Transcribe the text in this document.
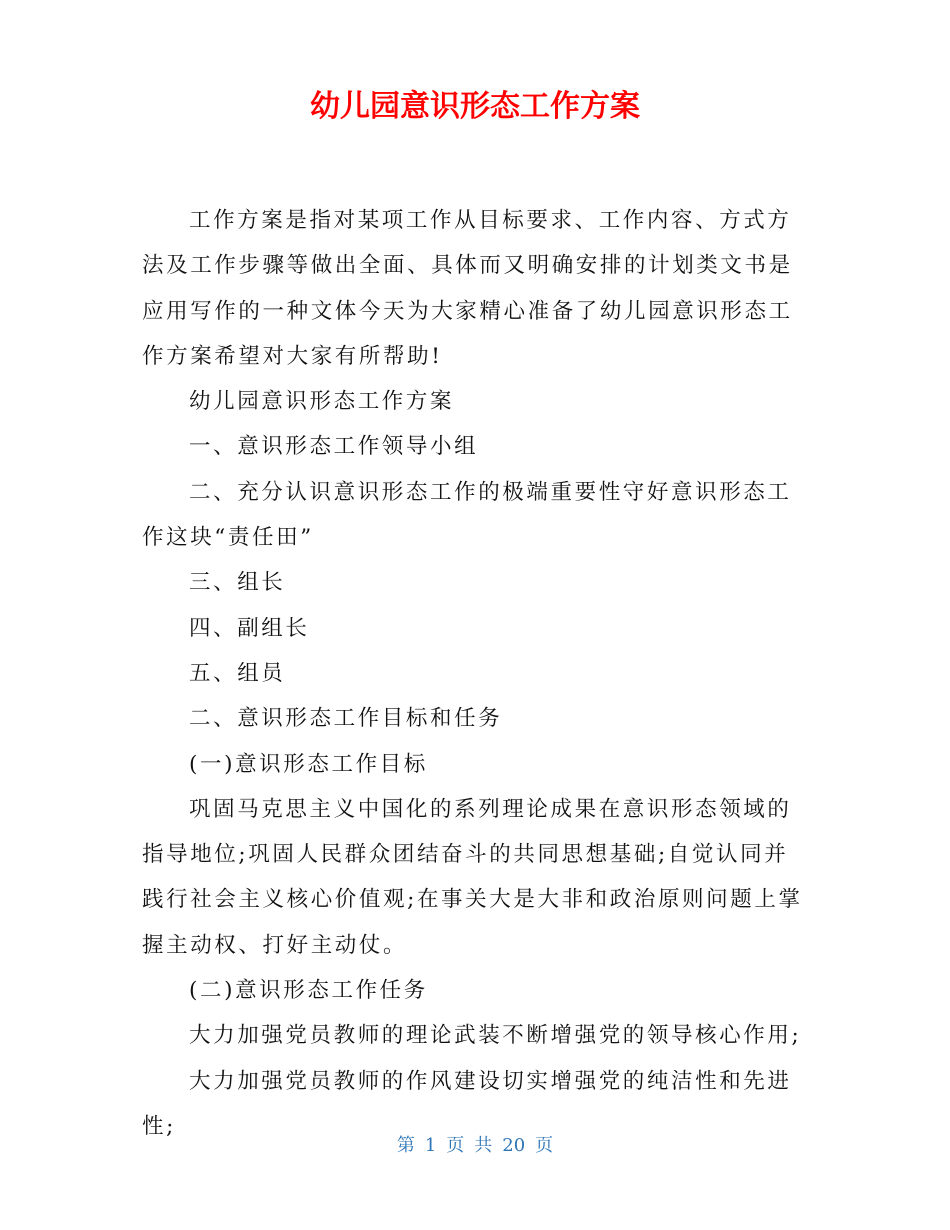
幼儿园意识形态工作方案

工作方案是指对某项工作从目标要求、工作内容、方式方法及工作步骤等做出全面、具体而又明确安排的计划类文书是应用写作的一种文体今天为大家精心准备了幼儿园意识形态工作方案希望对大家有所帮助!

幼儿园意识形态工作方案

一、意识形态工作领导小组

二、充分认识意识形态工作的极端重要性守好意识形态工作这块“责任田”

三、组长

四、副组长

五、组员

二、意识形态工作目标和任务

(一)意识形态工作目标

巩固马克思主义中国化的系列理论成果在意识形态领域的指导地位;巩固人民群众团结奋斗的共同思想基础;自觉认同并践行社会主义核心价值观;在事关大是大非和政治原则问题上掌握主动权、打好主动仗。

(二)意识形态工作任务

大力加强党员教师的理论武装不断增强党的领导核心作用;

大力加强党员教师的作风建设切实增强党的纯洁性和先进性;

第 1 页 共 20 页
